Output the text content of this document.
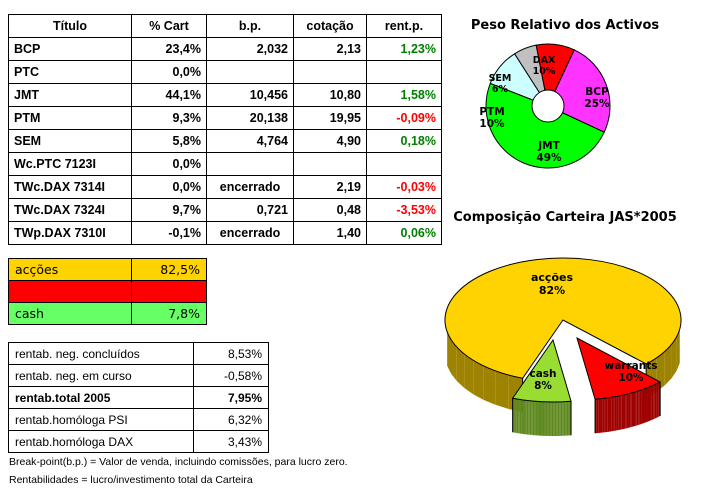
Título	% Cart	b.p.	cotação	rent.p.
BCP	23,4%	2,032	2,13	1,23%
PTC	0,0%			
JMT	44,1%	10,456	10,80	1,58%
PTM	9,3%	20,138	19,95	-0,09%
SEM	5,8%	4,764	4,90	0,18%
Wc.PTC 7123I	0,0%			
TWc.DAX 7314I	0,0%	encerrado	2,19	-0,03%
TWc.DAX 7324I	9,7%	0,721	0,48	-3,53%
TWp.DAX 7310I	-0,1%	encerrado	1,40	0,06%
acções	82,5%
warrants	9,7%
cash	7,8%
rentab. neg. concluídos	8,53%
rentab. neg. em curso	-0,58%
rentab.total 2005	7,95%
rentab.homóloga PSI	6,32%
rentab.homóloga DAX	3,43%
Break-point(b.p.) = Valor de venda, incluindo comissões, para lucro zero.
Rentabilidades = lucro/investimento total da Carteira
Peso Relativo dos Activos
BCP
25%
JMT
49%
PTM
10%
SEM
6%
DAX
10%
Composição Carteira JAS*2005
acções
82%
warrants
10%
cash
8%
